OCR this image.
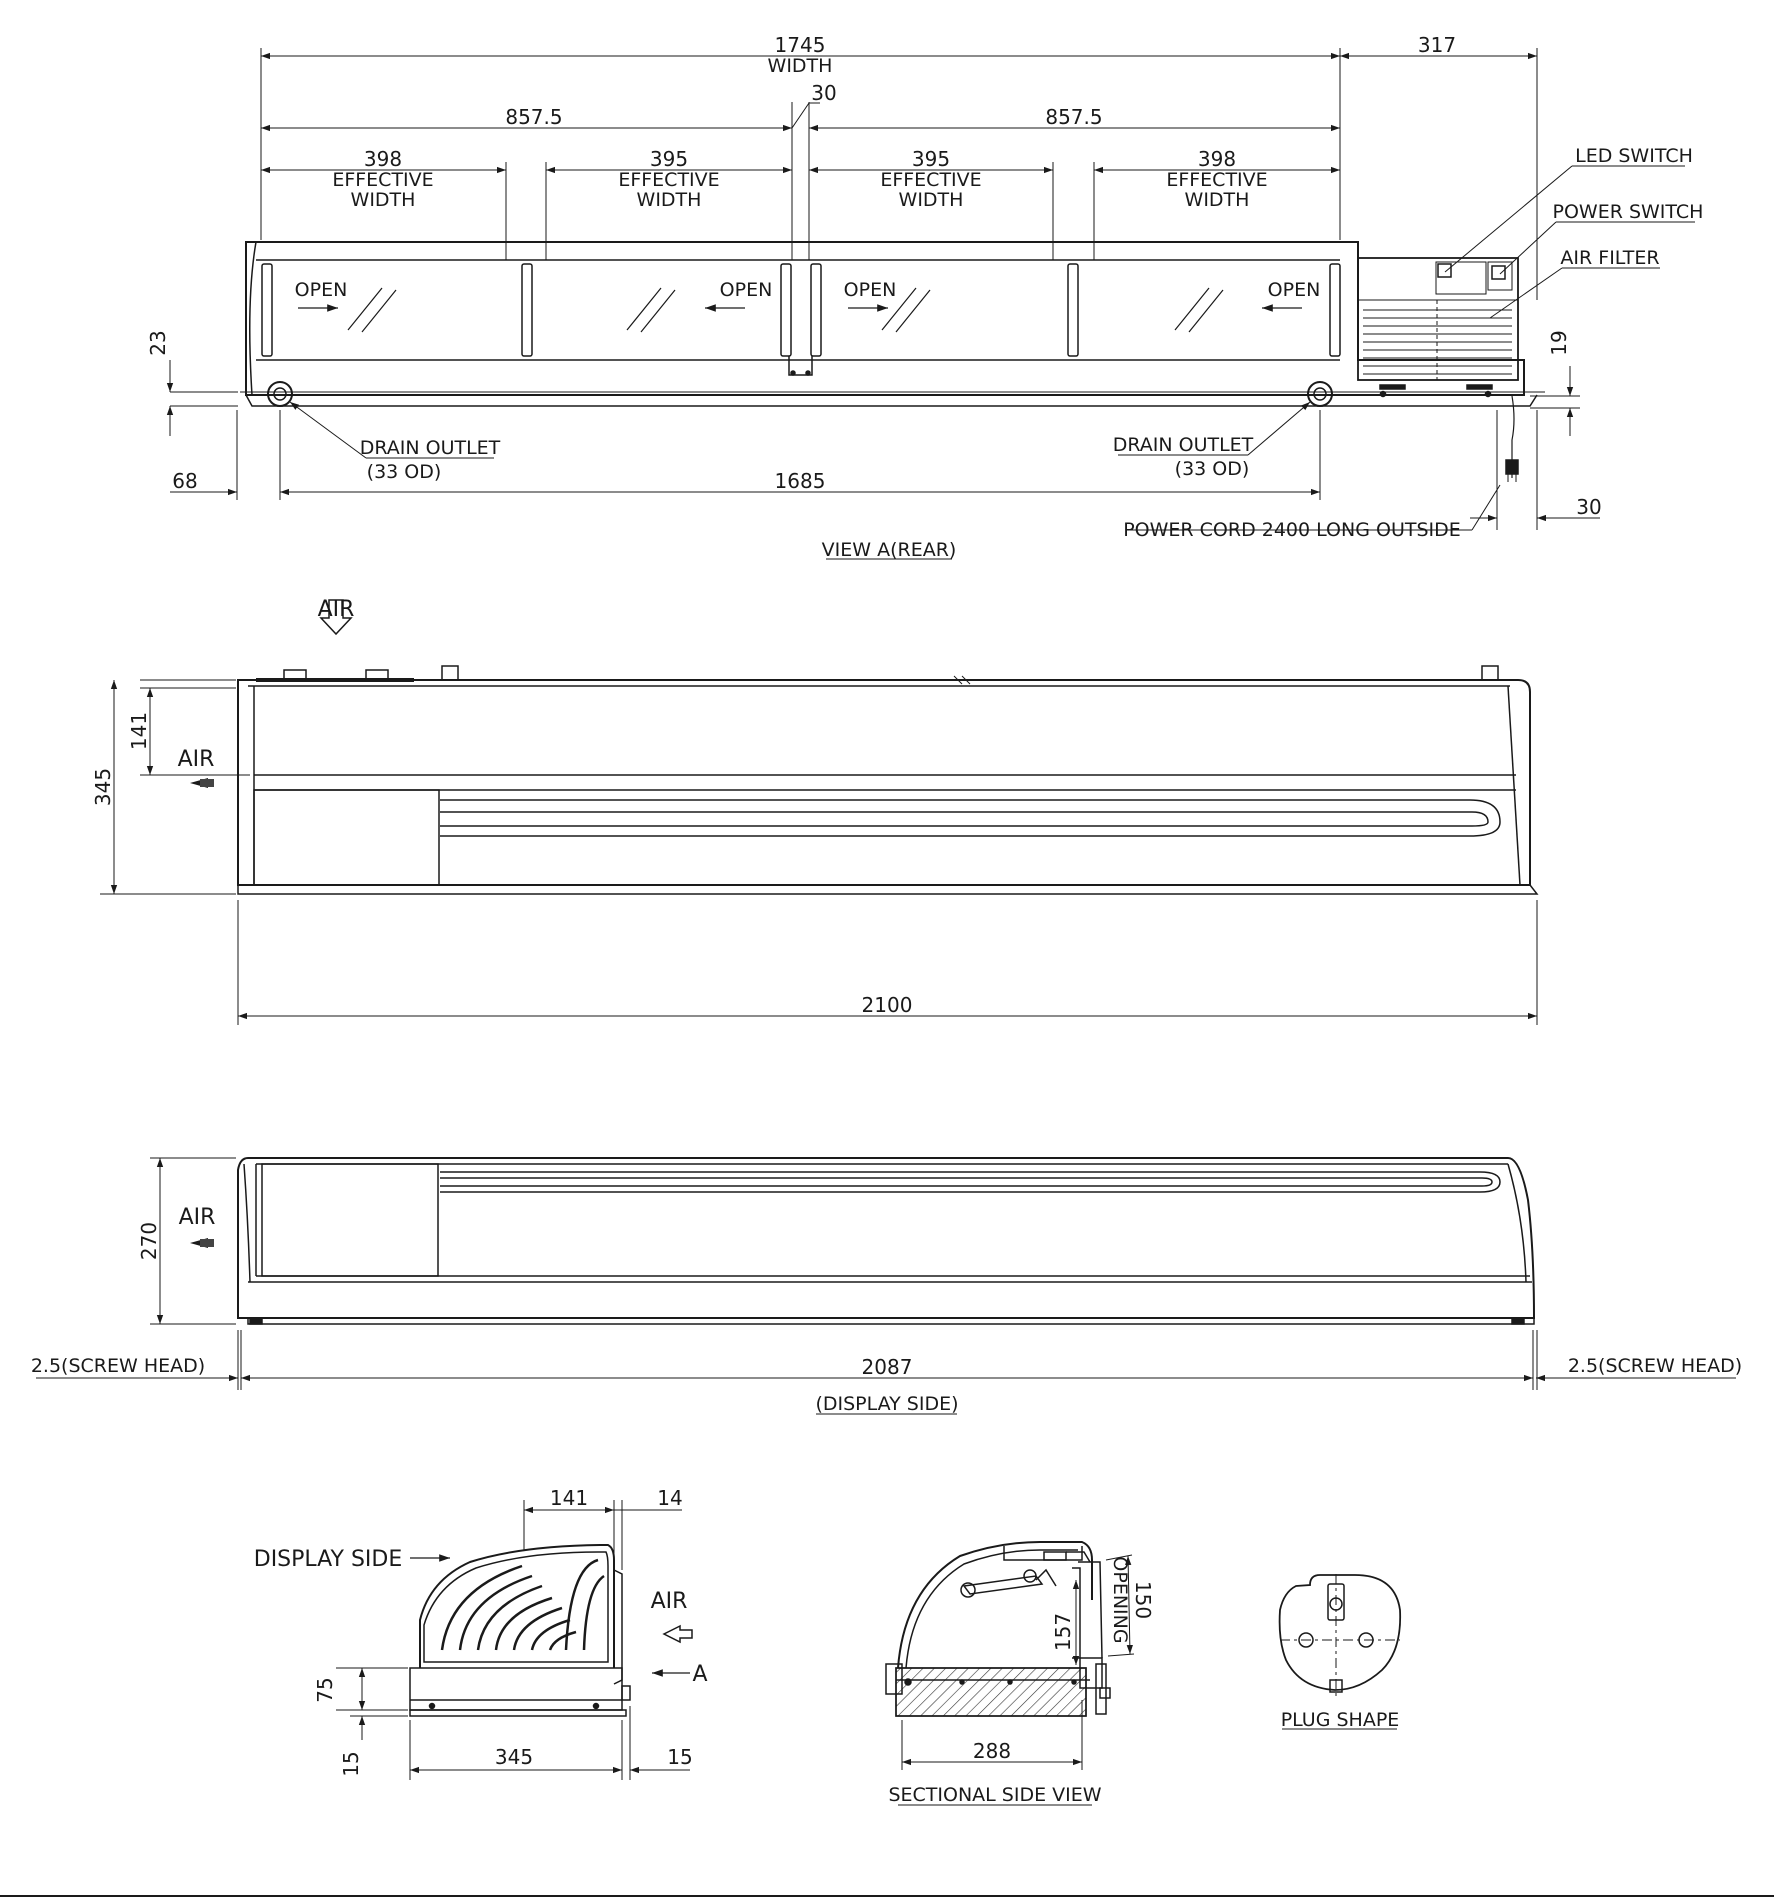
1745
WIDTH
317
857.5	857.5
30
398
EFFECTIVE
WIDTH
395
EFFECTIVE
WIDTH
395
EFFECTIVE
WIDTH
398
EFFECTIVE
WIDTH
OPEN	OPEN	OPEN	OPEN
LED SWITCH
POWER SWITCH
AIR FILTER
DRAIN OUTLET
(33 OD)
DRAIN OUTLET
(33 OD)
68	1685
30
POWER CORD 2400 LONG OUTSIDE
VIEW A(REAR)
23	19
AIR
AIR
141
345
2100
AIR
270
2087
2.5(SCREW HEAD)	2.5(SCREW HEAD)
(DISPLAY SIDE)
DISPLAY SIDE
AIR
A
141	14
75
15	345	15
157
150
OPENING
288
SECTIONAL SIDE VIEW
PLUG SHAPE
